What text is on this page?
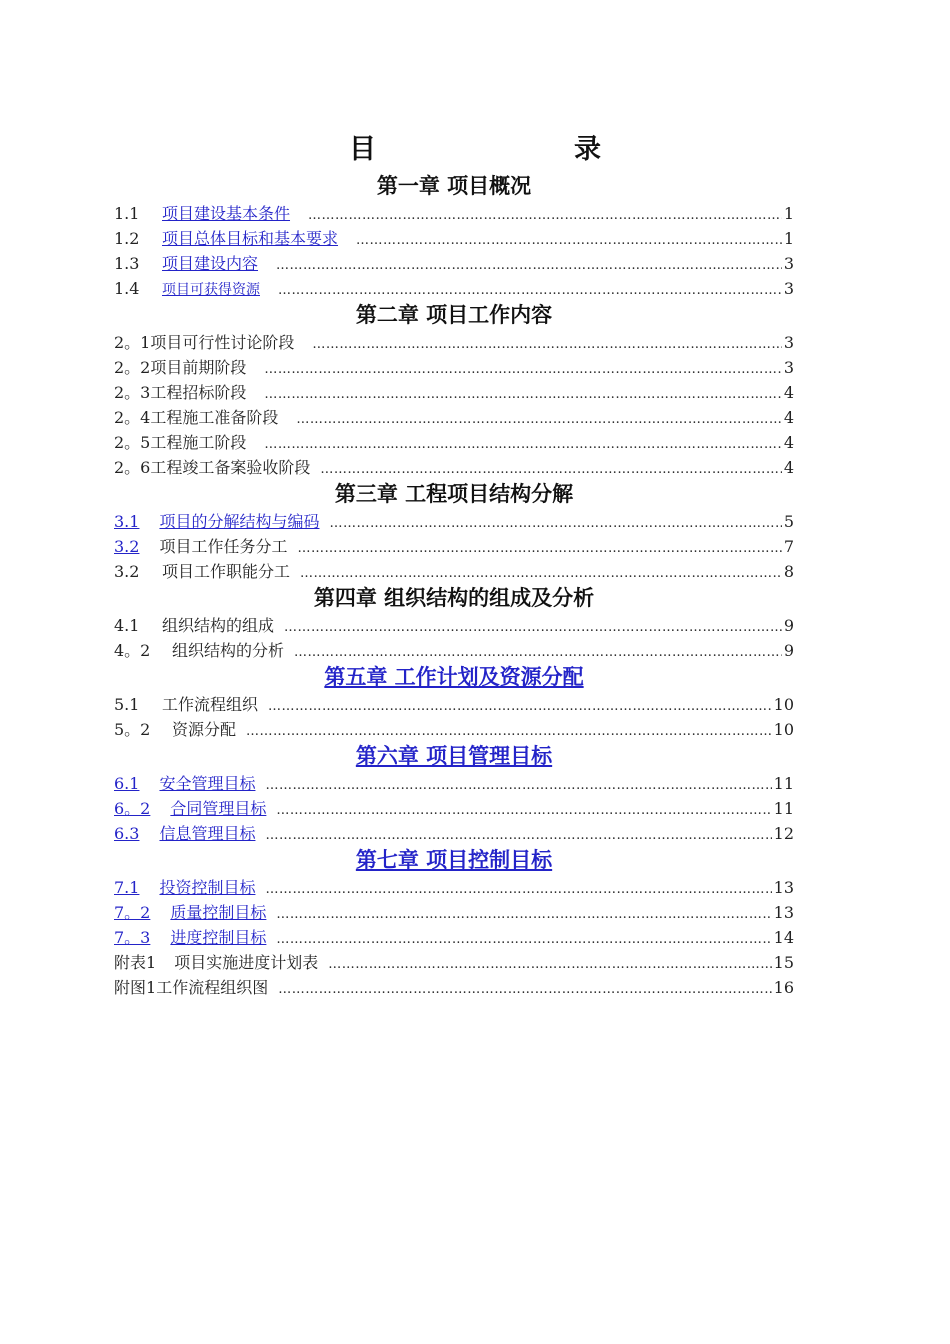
目　　录
第一章 项目概况
1.1	项目建设基本条件 ……………………………………………………………………………………………………………………………………………………………………………………	1
1.2	项目总体目标和基本要求 ……………………………………………………………………………………………………………………………………………………………………………………	1
1.3	项目建设内容 ……………………………………………………………………………………………………………………………………………………………………………………	3
1.4	项目可获得资源 ……………………………………………………………………………………………………………………………………………………………………………………	3
第二章 项目工作内容
2。1 项目可行性讨论阶段 ……………………………………………………………………………………………………………………………………………………………………………………	3
2。2 项目前期阶段 ……………………………………………………………………………………………………………………………………………………………………………………	3
2。3 工程招标阶段 ……………………………………………………………………………………………………………………………………………………………………………………	4
2。4 工程施工准备阶段 ……………………………………………………………………………………………………………………………………………………………………………………	4
2。5 工程施工阶段 ……………………………………………………………………………………………………………………………………………………………………………………	4
2。6 工程竣工备案验收阶段 ……………………………………………………………………………………………………………………………………………………………………………………	4
第三章 工程项目结构分解
3.1	项目的分解结构与编码 ……………………………………………………………………………………………………………………………………………………………………………………	5
3.2	项目工作任务分工 ……………………………………………………………………………………………………………………………………………………………………………………	7
3.2	项目工作职能分工 ……………………………………………………………………………………………………………………………………………………………………………………	8
第四章 组织结构的组成及分析
4.1	组织结构的组成 ……………………………………………………………………………………………………………………………………………………………………………………	9
4。2	组织结构的分析 ……………………………………………………………………………………………………………………………………………………………………………………	9
第五章 工作计划及资源分配
5.1	工作流程组织 ……………………………………………………………………………………………………………………………………………………………………………………	10
5。2	资源分配 ……………………………………………………………………………………………………………………………………………………………………………………	10
第六章 项目管理目标
6.1	安全管理目标 ……………………………………………………………………………………………………………………………………………………………………………………	11
6。2	合同管理目标 ……………………………………………………………………………………………………………………………………………………………………………………	11
6.3	信息管理目标 ……………………………………………………………………………………………………………………………………………………………………………………	12
第七章 项目控制目标
7.1	投资控制目标 ……………………………………………………………………………………………………………………………………………………………………………………	13
7。2	质量控制目标 ……………………………………………………………………………………………………………………………………………………………………………………	13
7。3	进度控制目标 ……………………………………………………………………………………………………………………………………………………………………………………	14
附表1	项目实施进度计划表 ……………………………………………………………………………………………………………………………………………………………………………………	15
附图1 工作流程组织图 ……………………………………………………………………………………………………………………………………………………………………………………	16
